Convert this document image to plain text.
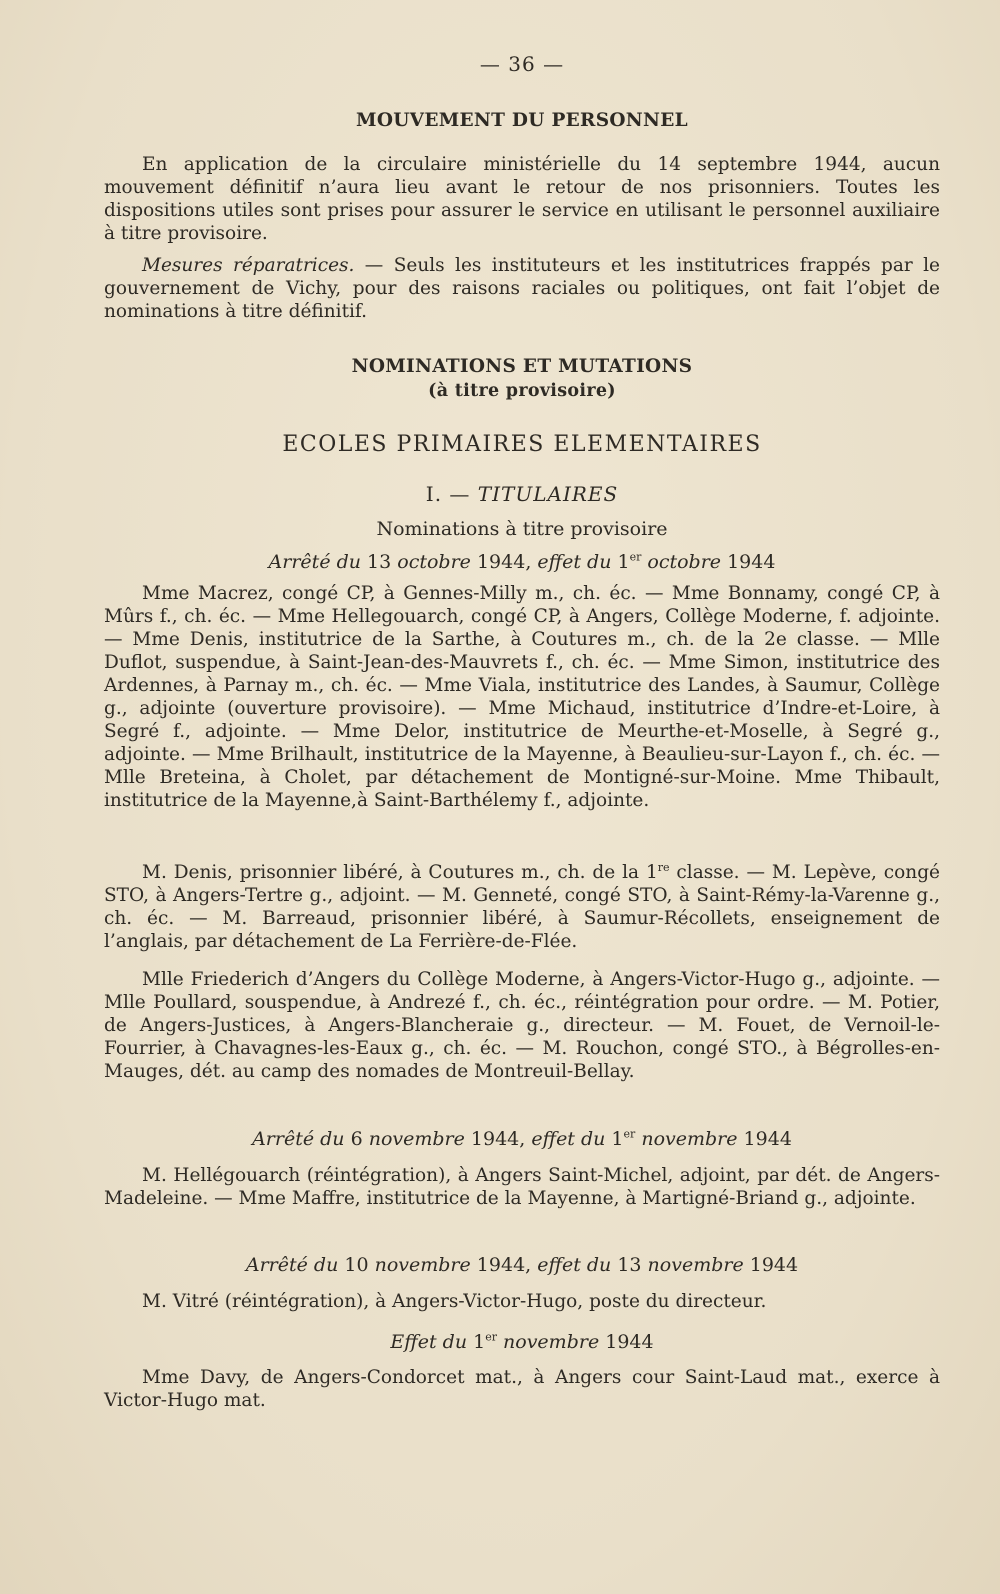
— 36 —
MOUVEMENT DU PERSONNEL

En application de la circulaire ministérielle du 14 septembre 1944, aucun mouvement définitif n’aura lieu avant le retour de nos prisonniers. Toutes les dispositions utiles sont prises pour assurer le service en utilisant le personnel auxiliaire à titre provisoire.

Mesures réparatrices. — Seuls les instituteurs et les institutrices frappés par le gouvernement de Vichy, pour des raisons raciales ou politiques, ont fait l’objet de nominations à titre définitif.

NOMINATIONS ET MUTATIONS
(à titre provisoire)
ECOLES PRIMAIRES ELEMENTAIRES
I. — TITULAIRES

Nominations à titre provisoire

Arrêté du 13 octobre 1944, effet du 1er octobre 1944

Mme Macrez, congé CP, à Gennes-Milly m., ch. éc. — Mme Bonnamy, congé CP, à Mûrs f., ch. éc. — Mme Hellegouarch, congé CP, à Angers, Collège Moderne, f. adjointe. — Mme Denis, institutrice de la Sarthe, à Coutures m., ch. de la 2e classe. — Mlle Duflot, suspendue, à Saint-Jean-des-Mauvrets f., ch. éc. — Mme Simon, institutrice des Ardennes, à Parnay m., ch. éc. — Mme Viala, institutrice des Landes, à Saumur, Collège g., adjointe (ouverture provisoire). — Mme Michaud, institutrice d’Indre-et-Loire, à Segré f., adjointe. — Mme Delor, institutrice de Meurthe-et-Moselle, à Segré g., adjointe. — Mme Brilhault, institutrice de la Mayenne, à Beaulieu-sur-Layon f., ch. éc. — Mlle Breteina, à Cholet, par détachement de Montigné-sur-Moine. Mme Thibault, institutrice de la Mayenne,à Saint-Barthélemy f., adjointe.

M. Denis, prisonnier libéré, à Coutures m., ch. de la 1re classe. — M. Lepève, congé STO, à Angers-Tertre g., adjoint. — M. Genneté, congé STO, à Saint-Rémy-la-Varenne g., ch. éc. — M. Barreaud, prisonnier libéré, à Saumur-Récollets, enseignement de l’anglais, par détachement de La Ferrière-de-Flée.

Mlle Friederich d’Angers du Collège Moderne, à Angers-Victor-Hugo g., adjointe. — Mlle Poullard, souspendue, à Andrezé f., ch. éc., réintégration pour ordre. — M. Potier, de Angers-Justices, à Angers-Blancheraie g., directeur. — M. Fouet, de Vernoil-le-Fourrier, à Chavagnes-les-Eaux g., ch. éc. — M. Rouchon, congé STO., à Bégrolles-en-Mauges, dét. au camp des nomades de Montreuil-Bellay.

Arrêté du 6 novembre 1944, effet du 1er novembre 1944

M. Hellégouarch (réintégration), à Angers Saint-Michel, adjoint, par dét. de Angers-Madeleine. — Mme Maffre, institutrice de la Mayenne, à Martigné-Briand g., adjointe.

Arrêté du 10 novembre 1944, effet du 13 novembre 1944

M. Vitré (réintégration), à Angers-Victor-Hugo, poste du directeur.

Effet du 1er novembre 1944

Mme Davy, de Angers-Condorcet mat., à Angers cour Saint-Laud mat., exerce à Victor-Hugo mat.
